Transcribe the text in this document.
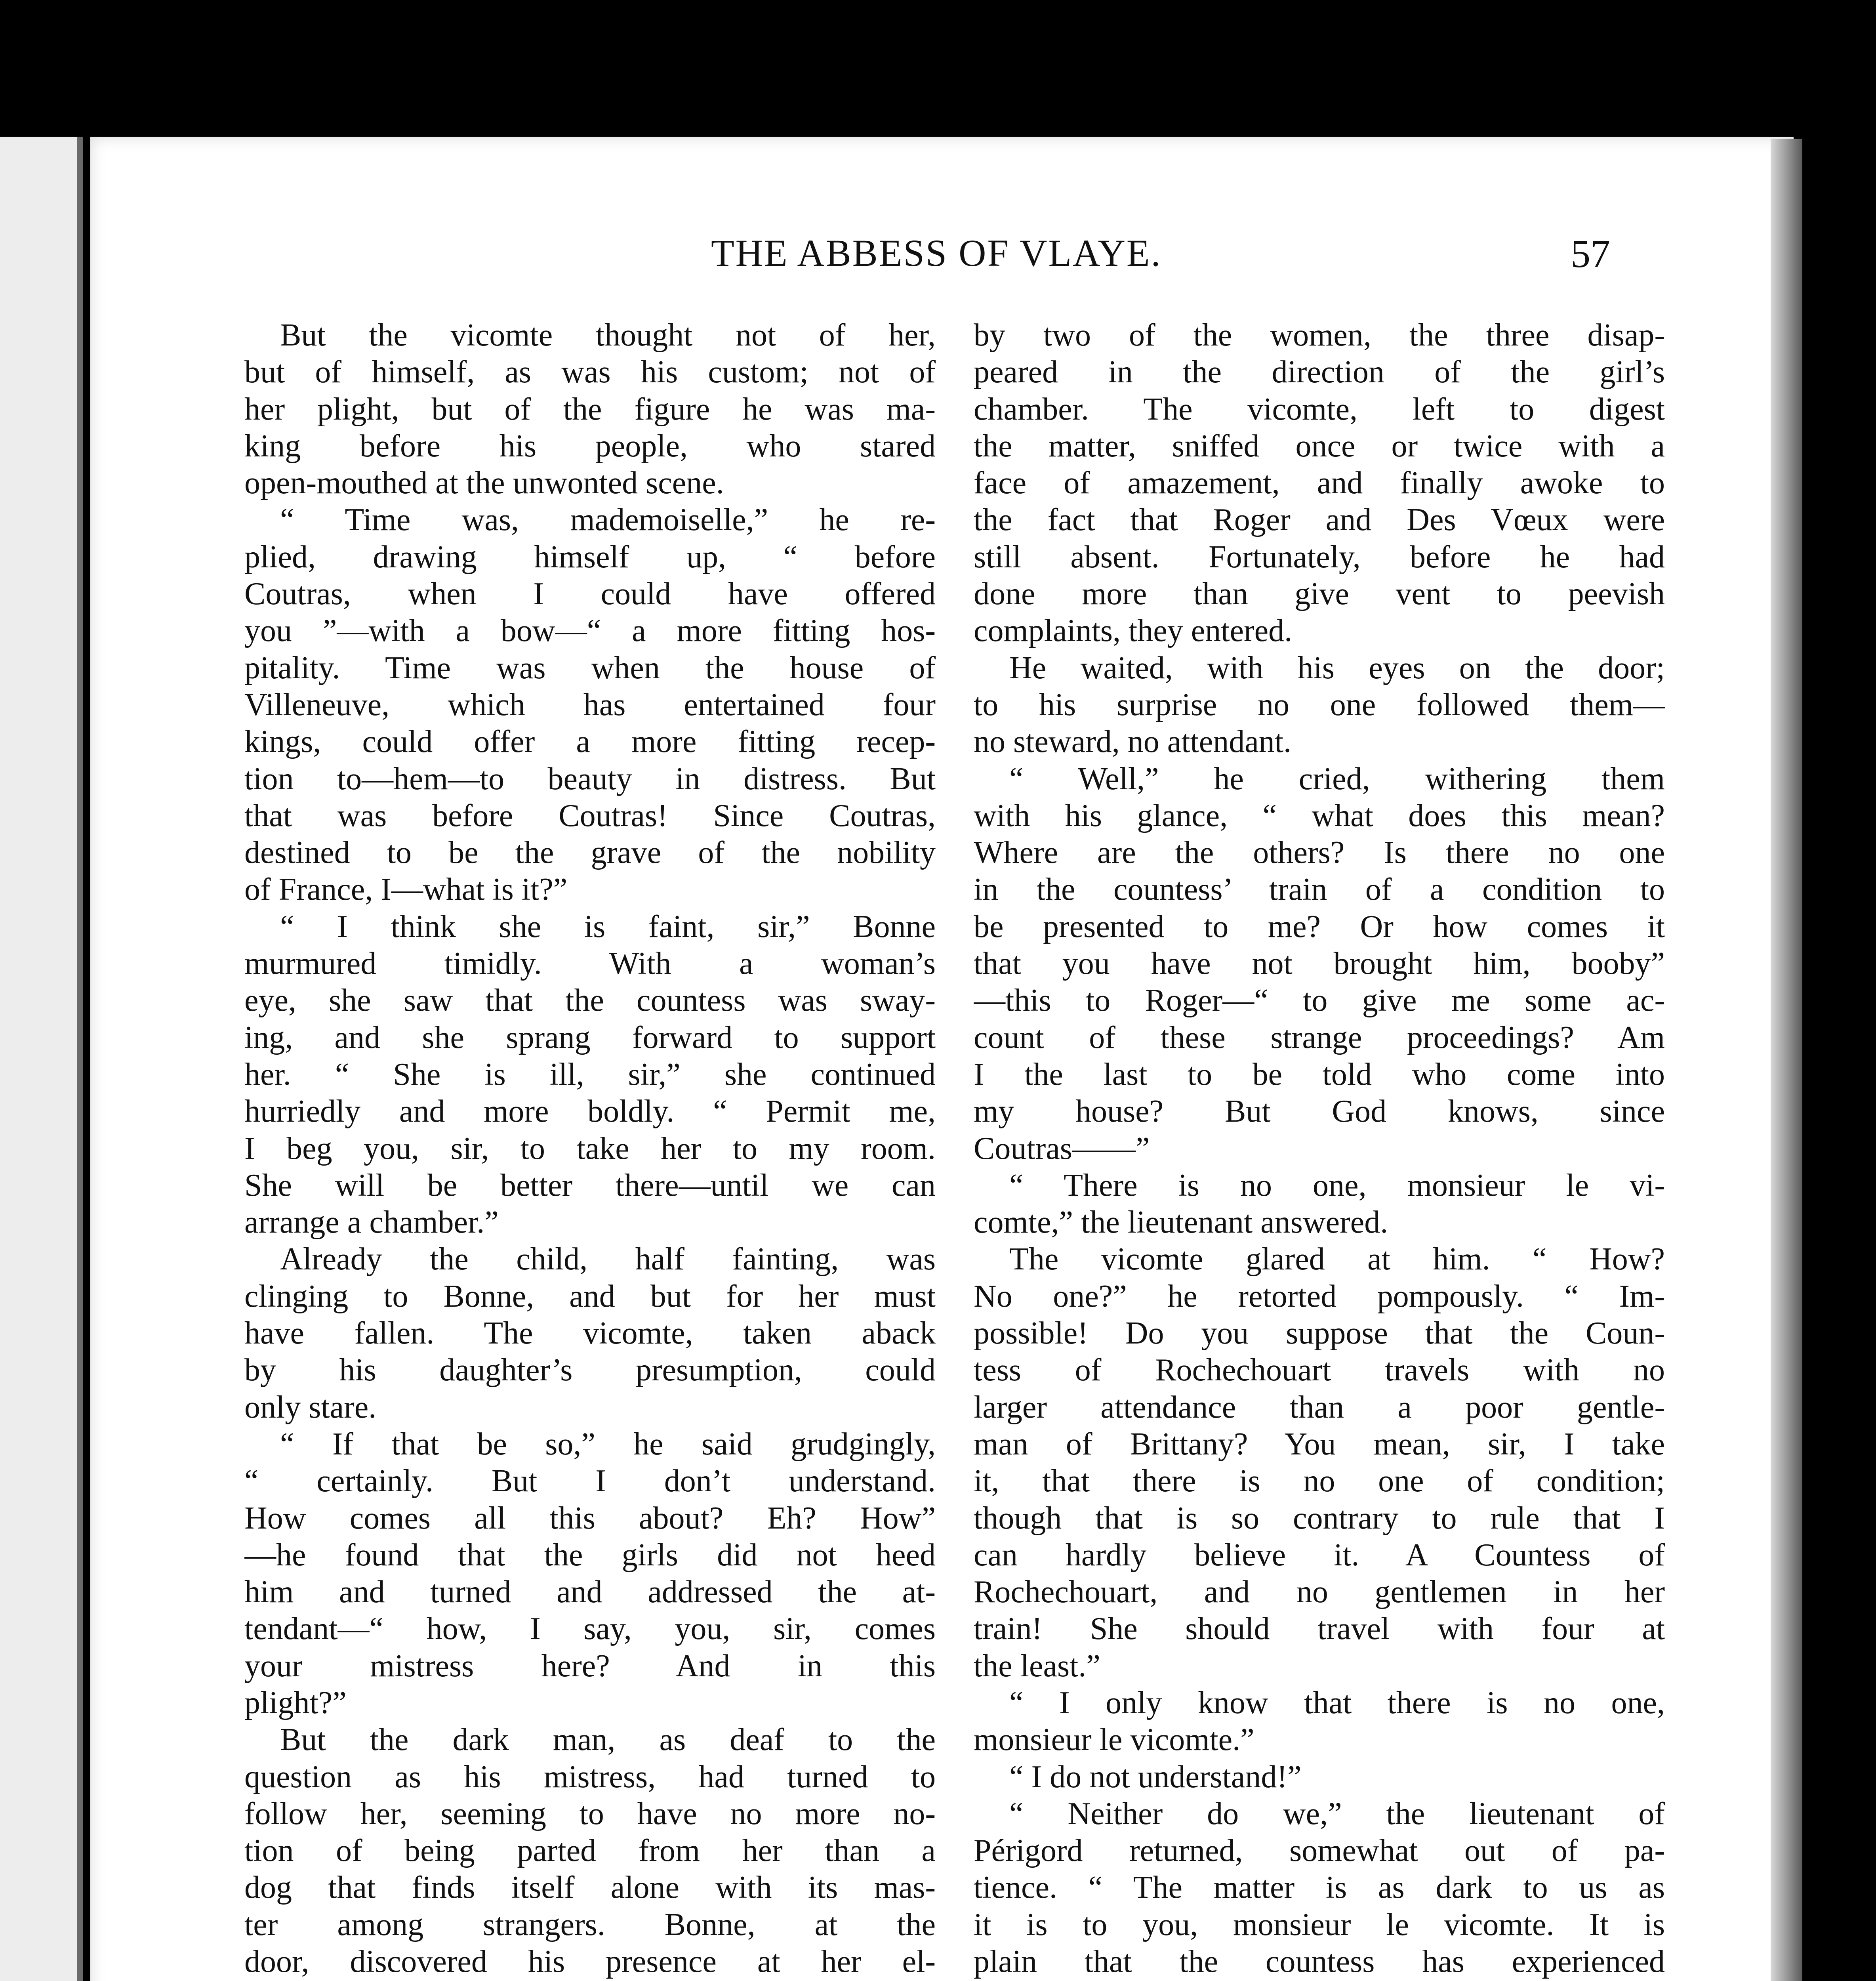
THE ABBESS OF VLAYE.	57
But the vicomte thought not of her,
but of himself, as was his custom; not of
her plight, but of the figure he was ma-
king before his people, who stared
open-mouthed at the unwonted scene.
“ Time was, mademoiselle,” he re-
plied, drawing himself up, “ before
Coutras, when I could have offered
you ”—with a bow—“ a more fitting hos-
pitality. Time was when the house of
Villeneuve, which has entertained four
kings, could offer a more fitting recep-
tion to—hem—to beauty in distress. But
that was before Coutras! Since Coutras,
destined to be the grave of the nobility
of France, I—what is it?”
“ I think she is faint, sir,” Bonne
murmured timidly. With a woman’s
eye, she saw that the countess was sway-
ing, and she sprang forward to support
her. “ She is ill, sir,” she continued
hurriedly and more boldly. “ Permit me,
I beg you, sir, to take her to my room.
She will be better there—until we can
arrange a chamber.”
Already the child, half fainting, was
clinging to Bonne, and but for her must
have fallen. The vicomte, taken aback
by his daughter’s presumption, could
only stare.
“ If that be so,” he said grudgingly,
“ certainly. But I don’t understand.
How comes all this about? Eh? How”
—he found that the girls did not heed
him and turned and addressed the at-
tendant—“ how, I say, you, sir, comes
your mistress here? And in this
plight?”
But the dark man, as deaf to the
question as his mistress, had turned to
follow her, seeming to have no more no-
tion of being parted from her than a
dog that finds itself alone with its mas-
ter among strangers. Bonne, at the
door, discovered his presence at her el-
by two of the women, the three disap-
peared in the direction of the girl’s
chamber. The vicomte, left to digest
the matter, sniffed once or twice with a
face of amazement, and finally awoke to
the fact that Roger and Des Vœux were
still absent. Fortunately, before he had
done more than give vent to peevish
complaints, they entered.
He waited, with his eyes on the door;
to his surprise no one followed them—
no steward, no attendant.
“ Well,” he cried, withering them
with his glance, “ what does this mean?
Where are the others? Is there no one
in the countess’ train of a condition to
be presented to me? Or how comes it
that you have not brought him, booby”
—this to Roger—“ to give me some ac-
count of these strange proceedings? Am
I the last to be told who come into
my house? But God knows, since
Coutras——”
“ There is no one, monsieur le vi-
comte,” the lieutenant answered.
The vicomte glared at him. “ How?
No one?” he retorted pompously. “ Im-
possible! Do you suppose that the Coun-
tess of Rochechouart travels with no
larger attendance than a poor gentle-
man of Brittany? You mean, sir, I take
it, that there is no one of condition;
though that is so contrary to rule that I
can hardly believe it. A Countess of
Rochechouart, and no gentlemen in her
train! She should travel with four at
the least.”
“ I only know that there is no one,
monsieur le vicomte.”
“ I do not understand!”
“ Neither do we,” the lieutenant of
Périgord returned, somewhat out of pa-
tience. “ The matter is as dark to us as
it is to you, monsieur le vicomte. It is
plain that the countess has experienced
